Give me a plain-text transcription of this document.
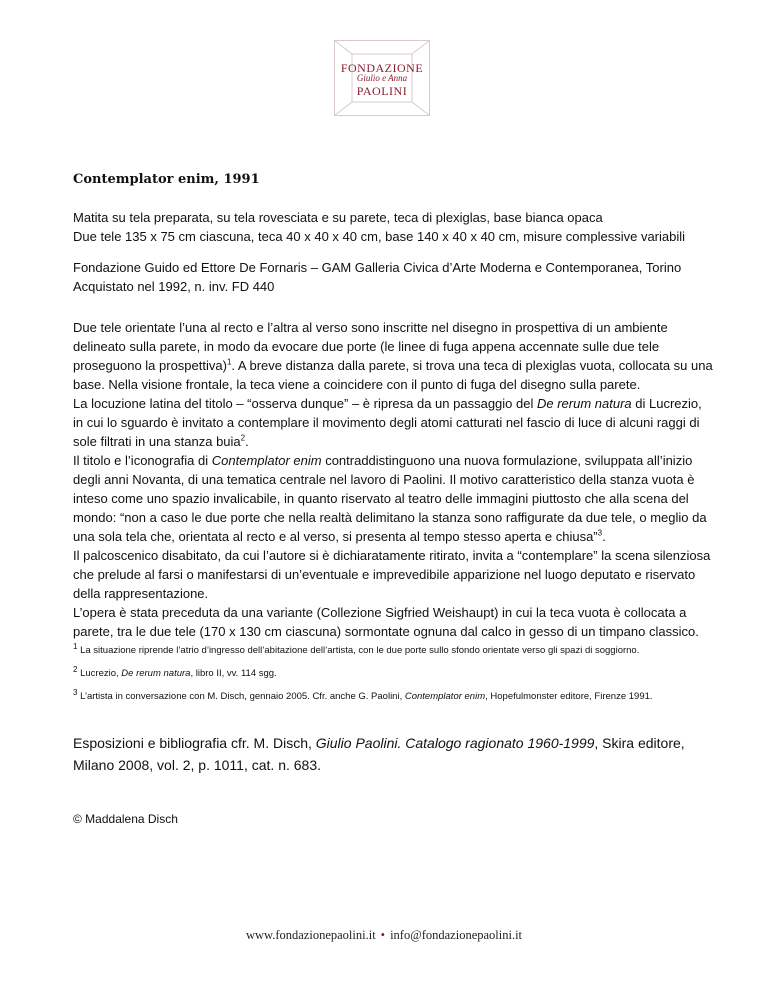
FONDAZIONE
Giulio e Anna
PAOLINI
Contemplator enim, 1991

Matita su tela preparata, su tela rovesciata e su parete, teca di plexiglas, base bianca opaca

Due tele 135 x 75 cm ciascuna, teca 40 x 40 x 40 cm, base 140 x 40 x 40 cm, misure complessive variabili

Fondazione Guido ed Ettore De Fornaris – GAM Galleria Civica d’Arte Moderna e Contemporanea, Torino

Acquistato nel 1992, n. inv. FD 440

Due tele orientate l’una al recto e l’altra al verso sono inscritte nel disegno in prospettiva di un ambiente delineato sulla parete, in modo da evocare due porte (le linee di fuga appena accennate sulle due tele proseguono la prospettiva)$^1$. A breve distanza dalla parete, si trova una teca di plexiglas vuota, collocata su una base. Nella visione frontale, la teca viene a coincidere con il punto di fuga del disegno sulla parete.

La locuzione latina del titolo – “osserva dunque” – è ripresa da un passaggio del De rerum natura di Lucrezio, in cui lo sguardo è invitato a contemplare il movimento degli atomi catturati nel fascio di luce di alcuni raggi di sole filtrati in una stanza buia$^2$.

Il titolo e l’iconografia di Contemplator enim contraddistinguono una nuova formulazione, sviluppata all’inizio degli anni Novanta, di una tematica centrale nel lavoro di Paolini. Il motivo caratteristico della stanza vuota è inteso come uno spazio invalicabile, in quanto riservato al teatro delle immagini piuttosto che alla scena del mondo: “non a caso le due porte che nella realtà delimitano la stanza sono raffigurate da due tele, o meglio da una sola tela che, orientata al recto e al verso, si presenta al tempo stesso aperta e chiusa”$^3$.

Il palcoscenico disabitato, da cui l’autore si è dichiaratamente ritirato, invita a “contemplare” la scena silenziosa che prelude al farsi o manifestarsi di un’eventuale e imprevedibile apparizione nel luogo deputato e riservato della rappresentazione.

L’opera è stata preceduta da una variante (Collezione Sigfried Weishaupt) in cui la teca vuota è collocata a parete, tra le due tele (170 x 130 cm ciascuna) sormontate ognuna dal calco in gesso di un timpano classico.

$^1$ La situazione riprende l’atrio d’ingresso dell’abitazione dell’artista, con le due porte sullo sfondo orientate verso gli spazi di soggiorno.

$^2$ Lucrezio, De rerum natura, libro II, vv. 114 sgg.

$^3$ L’artista in conversazione con M. Disch, gennaio 2005. Cfr. anche G. Paolini, Contemplator enim, Hopefulmonster editore, Firenze 1991.

Esposizioni e bibliografia cfr. M. Disch, Giulio Paolini. Catalogo ragionato 1960-1999, Skira editore, Milano 2008, vol. 2, p. 1011, cat. n. 683.

© Maddalena Disch

www.fondazionepaolini.it • info@fondazionepaolini.it
